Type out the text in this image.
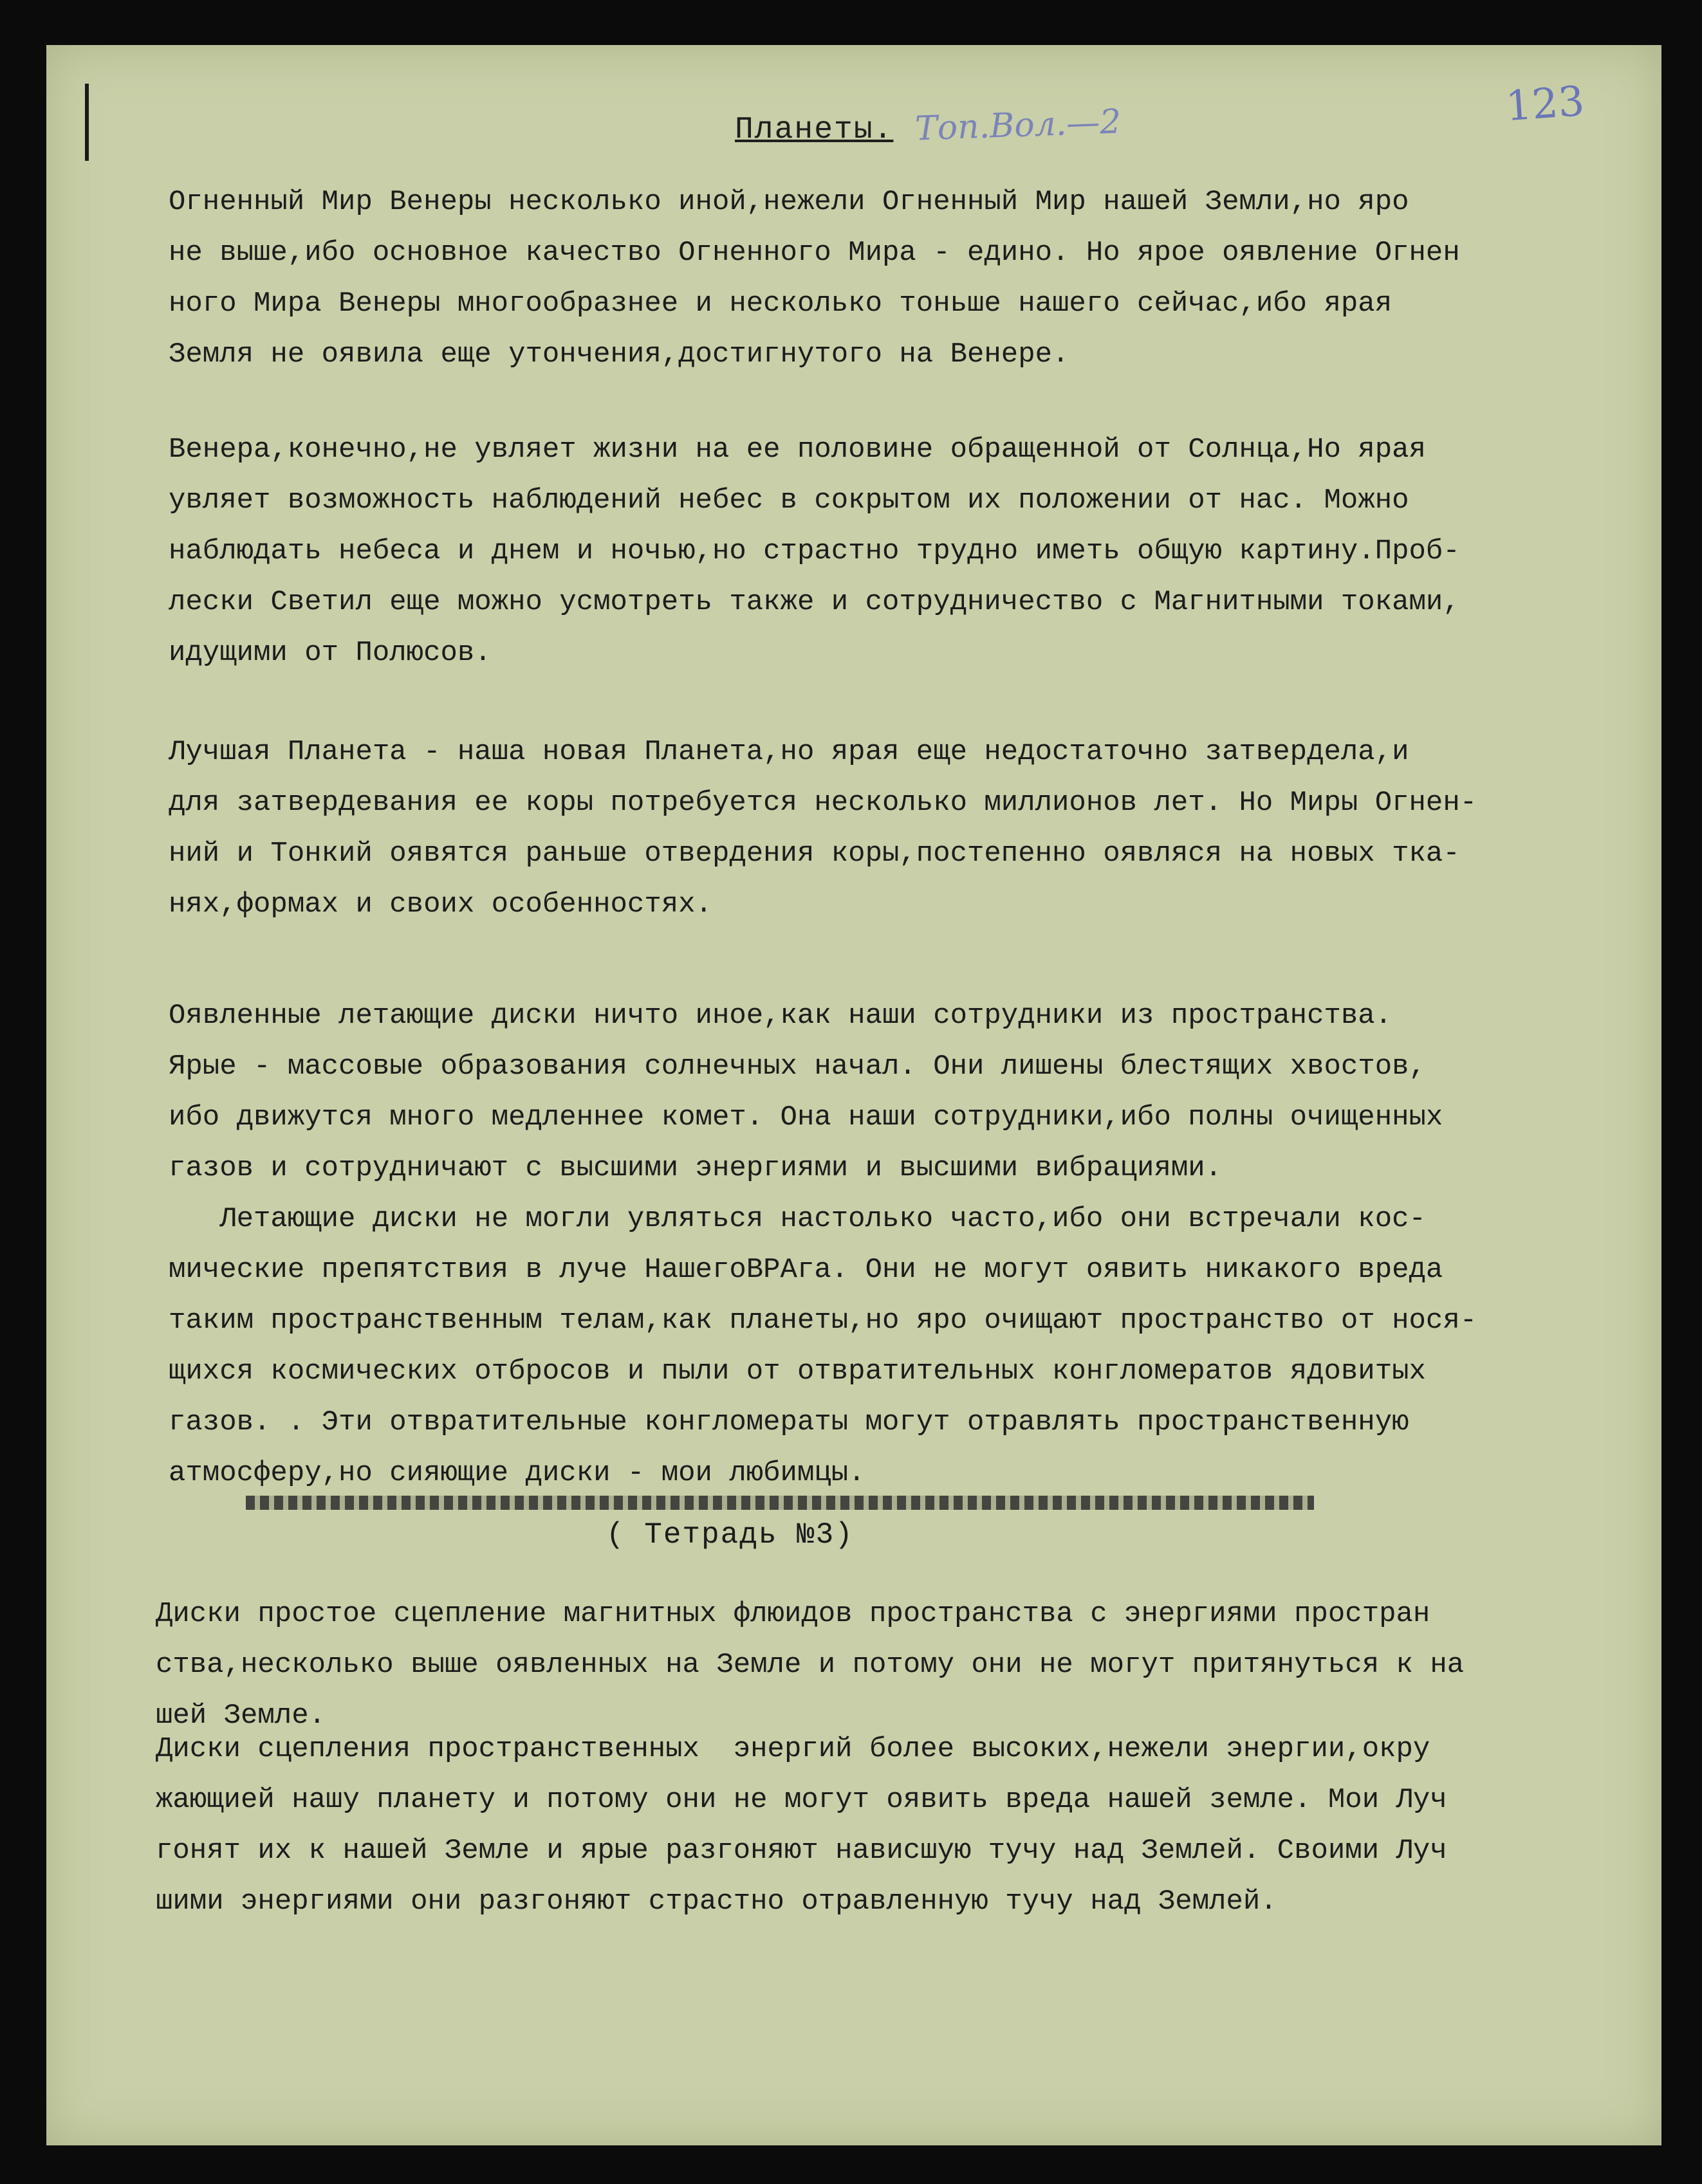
123
Планеты. Тоn.Вол.—2

Огненный Мир Венеры несколько иной,нежели Огненный Мир нашей Земли,но яро
не выше,ибо основное качество Огненного Мира - едино. Но ярое оявление Огнен
ного Мира Венеры многообразнее и несколько тоньше нашего сейчас,ибо ярая
Земля не оявила еще утончения,достигнутого на Венере.

Венера,конечно,не увляет жизни на ее половине обращенной от Солнца,Но ярая
увляет возможность наблюдений небес в сокрытом их положении от нас. Можно
наблюдать небеса и днем и ночью,но страстно трудно иметь общую картину.Проб-
лески Светил еще можно усмотреть также и сотрудничество с Магнитными токами,
идущими от Полюсов.

Лучшая Планета - наша новая Планета,но ярая еще недостаточно затвердела,и
для затвердевания ее коры потребуется несколько миллионов лет. Но Миры Огнен-
ний и Тонкий оявятся раньше отвердения коры,постепенно оявляся на новых тка-
нях,формах и своих особенностях.

Оявленные летающие диски ничто иное,как наши сотрудники из пространства.
Ярые - массовые образования солнечных начал. Они лишены блестящих хвостов,
ибо движутся много медленнее комет. Она наши сотрудники,ибо полны очищенных
газов и сотрудничают с высшими энергиями и высшими вибрациями.
Летающие диски не могли увляться настолько часто,ибо они встречали кос-
мические препятствия в луче НашегоВРАга. Они не могут оявить никакого вреда
таким пространственным телам,как планеты,но яро очищают пространство от нося-
щихся космических отбросов и пыли от отвратительных конгломератов ядовитых
газов. . Эти отвратительные конгломераты могут отравлять пространственную
атмосферу,но сияющие диски - мои любимцы.

( Тетрадь №3)

Диски простое сцепление магнитных флюидов пространства с энергиями простран
ства,несколько выше оявленных на Земле и потому они не могут притянуться к на
шей Земле.

Диски сцепления пространственных  энергий более высоких,нежели энергии,окру
жающией нашу планету и потому они не могут оявить вреда нашей земле. Мои Луч
гонят их к нашей Земле и ярые разгоняют нависшую тучу над Землей. Своими Луч
шими энергиями они разгоняют страстно отравленную тучу над Землей.
